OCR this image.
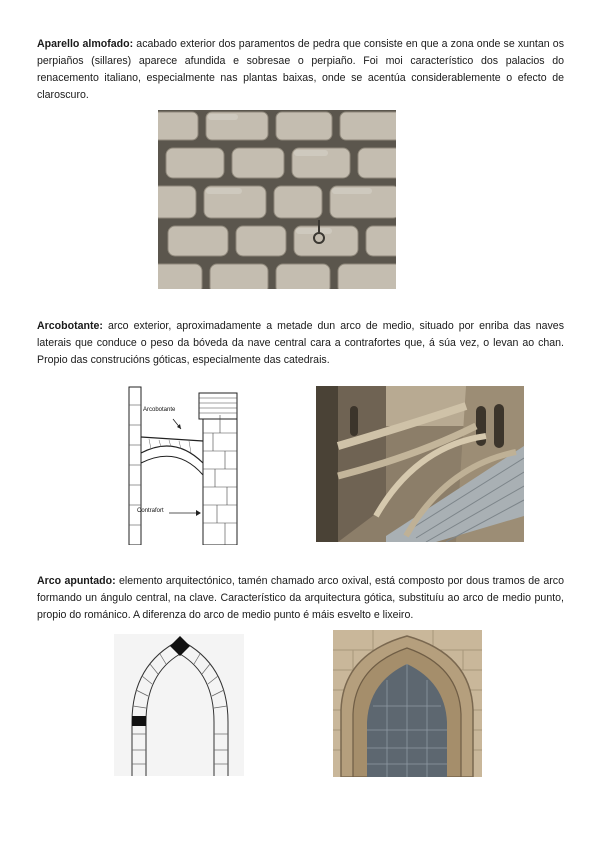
Aparello almofado: acabado exterior dos paramentos de pedra que consiste en que a zona onde se xuntan os perpiaños (sillares) aparece afundida e sobresae o perpiaño. Foi moi característico dos palacios do renacemento italiano, especialmente nas plantas baixas, onde se acentúa considerablemente o efecto de claroscuro.

Arcobotante: arco exterior, aproximadamente a metade dun arco de medio, situado por enriba das naves laterais que conduce o peso da bóveda da nave central cara a contrafortes que, á súa vez, o levan ao chan. Propio das construcións góticas, especialmente das catedrais.

Arcobotante
Contrafort

Arco apuntado: elemento arquitectónico, tamén chamado arco oxival, está composto por dous tramos de arco formando un ángulo central, na clave. Característico da arquitectura gótica, substituíu ao arco de medio punto, propio do románico. A diferenza do arco de medio punto é máis esvelto e lixeiro.
